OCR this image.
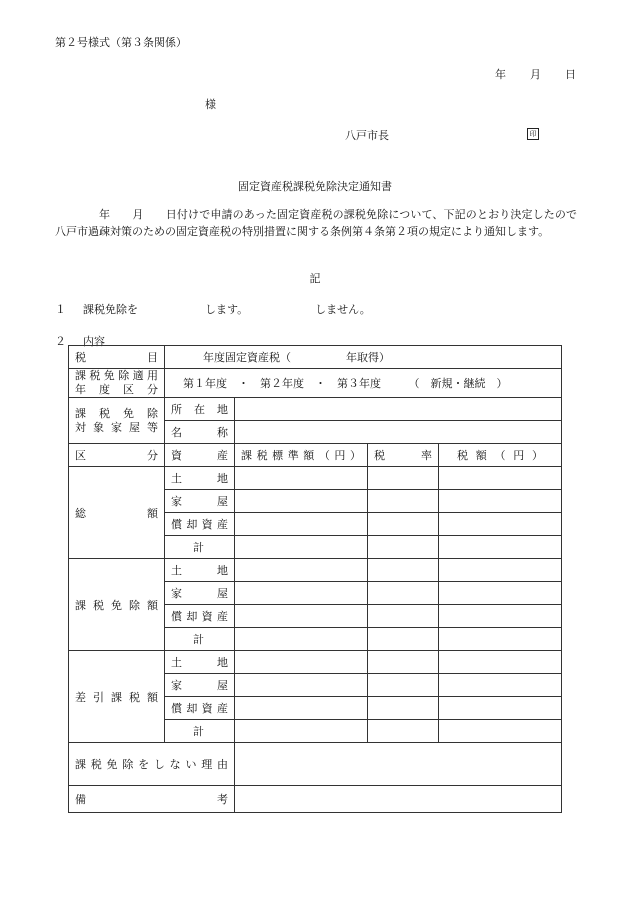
第２号様式（第３条関係）
年 月 日
様
八戸市長	印
固定資産税課税免除決定通知書
年　　月　　日付けで申請のあった固定資産税の課税免除について、下記のとおり決定したので八戸市過疎対策のための固定資産税の特別措置に関する条例第４条第２項の規定により通知します。
記
１ 課税免除を	します。	しません。
２ 内容
税　　目	年度固定資産税（　　　　　年取得）			

課税免除適用
年度区分	第１年度　・　第２年度　・　第３年度　　　（　新規・継続　）			

課税免除
対象家屋等	所在地			
	名称			
区分	資産	課税標準額（円）	税率	税額（円）
総額	土地			
	家屋			
	償却資産			
	計			
課税免除額	土地			
	家屋			
	償却資産			
	計			
差引課税額	土地			
	家屋			
	償却資産			
	計			
課税免除をしない理由				
備考				
